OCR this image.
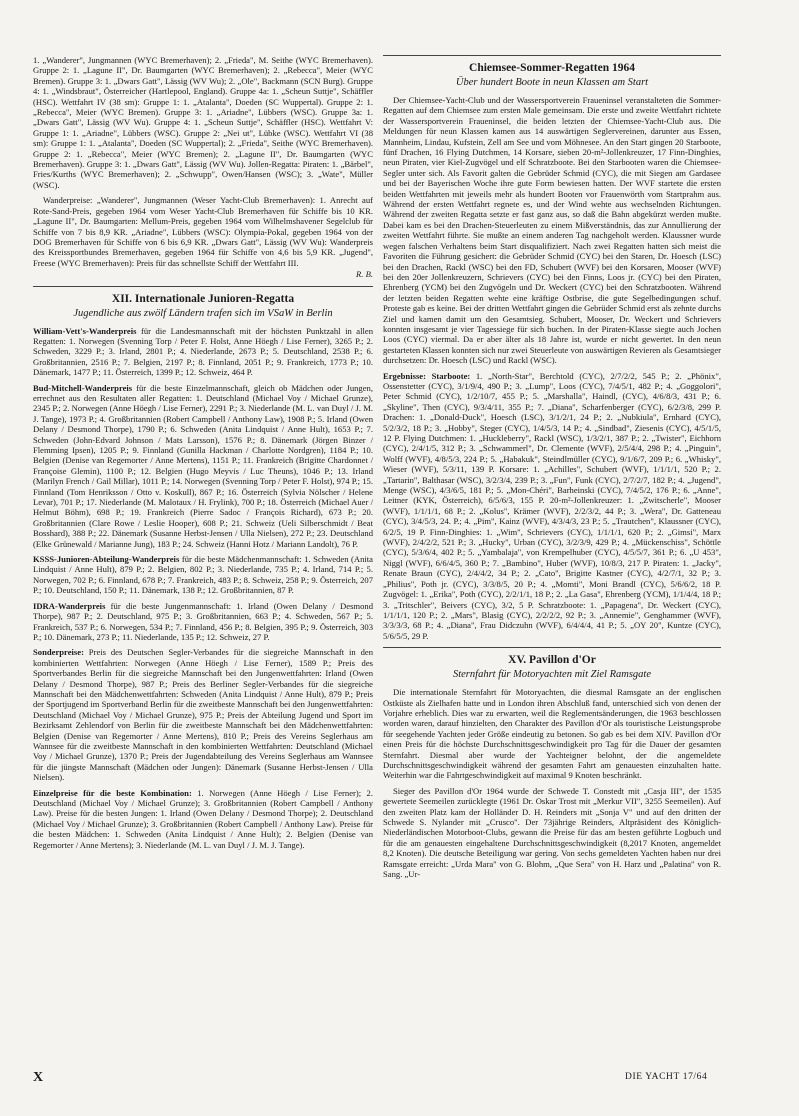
1. „Wanderer", Jungmannen (WYC Bremerhaven); 2. „Frieda", M. Seithe (WYC Bremerhaven). Gruppe 2: 1. „Lagune II", Dr. Baumgarten (WYC Bremerhaven); 2. „Rebecca", Meier (WYC Bremen). Gruppe 3: 1. „Dwars Gatt", Lässig (WV Wu); 2. „Ole", Backmann (SCN Burg). Gruppe 4: 1. „Windsbraut", Österreicher (Hartlepool, England). Gruppe 4a: 1. „Scheun Suttje", Schäffler (HSC). Wettfahrt IV (38 sm): Gruppe 1: 1. „Atalanta", Doeden (SC Wuppertal). Gruppe 2: 1. „Rebecca", Meier (WYC Bremen). Gruppe 3: 1. „Ariadne", Lübbers (WSC). Gruppe 3a: 1. „Dwars Gatt", Lässig (WV Wu). Gruppe 4: 1. „Scheun Suttje", Schäffler (HSC). Wettfahrt V: Gruppe 1: 1. „Ariadne", Lübbers (WSC). Gruppe 2: „Nei ut", Lübke (WSC). Wettfahrt VI (38 sm): Gruppe 1: 1. „Atalanta", Doeden (SC Wuppertal); 2. „Frieda", Seithe (WYC Bremerhaven). Gruppe 2: 1. „Rebecca", Meier (WYC Bremen); 2. „Lagune II", Dr. Baumgarten (WYC Bremerhaven). Gruppe 3: 1. „Dwars Gatt", Lässig (WV Wu). Jollen-Regatta: Piraten: 1. „Bärbel", Fries/Kurths (WYC Bremerhaven); 2. „Schwupp", Owen/Hansen (WSC); 3. „Wate", Müller (WSC).

Wanderpreise: „Wanderer", Jungmannen (Weser Yacht-Club Bremerhaven): 1. Anrecht auf Rote-Sand-Preis, gegeben 1964 vom Weser Yacht-Club Bremerhaven für Schiffe bis 10 KR. „Lagune II", Dr. Baumgarten: Mellum-Preis, gegeben 1964 vom Wilhelmshavener Segelclub für Schiffe von 7 bis 8,9 KR. „Ariadne", Lübbers (WSC): Olympia-Pokal, gegeben 1964 von der DOG Bremerhaven für Schiffe von 6 bis 6,9 KR. „Dwars Gatt", Lässig (WV Wu): Wanderpreis des Kreissportbundes Bremerhaven, gegeben 1964 für Schiffe von 4,6 bis 5,9 KR. „Jugend", Freese (WYC Bremerhaven): Preis für das schnellste Schiff der Wettfahrt III.

R. B.
XII. Internationale Junioren-Regatta
Jugendliche aus zwölf Ländern trafen sich im VSaW in Berlin

William-Vett's-Wanderpreis für die Landesmannschaft mit der höchsten Punktzahl in allen Regatten: 1. Norwegen (Svenning Torp / Peter F. Holst, Anne Höegh / Lise Ferner), 3265 P.; 2. Schweden, 3229 P.; 3. Irland, 2801 P.; 4. Niederlande, 2673 P.; 5. Deutschland, 2538 P.; 6. Großbritannien, 2516 P.; 7. Belgien, 2197 P.; 8. Finnland, 2051 P.; 9. Frankreich, 1773 P.; 10. Dänemark, 1477 P.; 11. Österreich, 1399 P.; 12. Schweiz, 464 P.

Bud-Mitchell-Wanderpreis für die beste Einzelmannschaft, gleich ob Mädchen oder Jungen, errechnet aus den Resultaten aller Regatten: 1. Deutschland (Michael Voy / Michael Grunze), 2345 P.; 2. Norwegen (Anne Höegh / Lise Ferner), 2291 P.; 3. Niederlande (M. L. van Duyl / J. M. J. Tange), 1973 P.; 4. Großbritannien (Robert Campbell / Anthony Law), 1908 P.; 5. Irland (Owen Delany / Desmond Thorpe), 1790 P.; 6. Schweden (Anita Lindquist / Anne Hult), 1653 P.; 7. Schweden (John-Edvard Johnson / Mats Larsson), 1576 P.; 8. Dänemark (Jörgen Binzer / Flemming Ipsen), 1205 P.; 9. Finnland (Gunilla Hackman / Charlotte Nordgren), 1184 P.; 10. Belgien (Denise van Regemorter / Anne Mertens), 1151 P.; 11. Frankreich (Brigitte Chardonnet / Françoise Glemin), 1100 P.; 12. Belgien (Hugo Meyvis / Luc Theuns), 1046 P.; 13. Irland (Marilyn French / Gail Millar), 1011 P.; 14. Norwegen (Svenning Torp / Peter F. Holst), 974 P.; 15. Finnland (Tom Henriksson / Otto v. Koskull), 867 P.; 16. Österreich (Sylvia Nölscher / Helene Levar), 701 P.; 17. Niederlande (M. Malotaux / H. Frylink), 700 P.; 18. Österreich (Michael Auer / Helmut Böhm), 698 P.; 19. Frankreich (Pierre Sadoc / François Richard), 673 P.; 20. Großbritannien (Clare Rowe / Leslie Hooper), 608 P.; 21. Schweiz (Ueli Silberschmidt / Beat Bosshard), 388 P.; 22. Dänemark (Susanne Herbst-Jensen / Ulla Nielsen), 272 P.; 23. Deutschland (Elke Grünewald / Marianne Jung), 183 P.; 24. Schweiz (Hanni Hotz / Mariann Landolt), 76 P.

KSSS-Junioren-Abteilung-Wanderpreis für die beste Mädchenmannschaft: 1. Schweden (Anita Lindquist / Anne Hult), 879 P.; 2. Belgien, 802 P.; 3. Niederlande, 735 P.; 4. Irland, 714 P.; 5. Norwegen, 702 P.; 6. Finnland, 678 P.; 7. Frankreich, 483 P.; 8. Schweiz, 258 P.; 9. Österreich, 207 P.; 10. Deutschland, 150 P.; 11. Dänemark, 138 P.; 12. Großbritannien, 87 P.

IDRA-Wanderpreis für die beste Jungenmannschaft: 1. Irland (Owen Delany / Desmond Thorpe), 987 P.; 2. Deutschland, 975 P.; 3. Großbritannien, 663 P.; 4. Schweden, 567 P.; 5. Frankreich, 537 P.; 6. Norwegen, 534 P.; 7. Finnland, 456 P.; 8. Belgien, 395 P.; 9. Österreich, 303 P.; 10. Dänemark, 273 P.; 11. Niederlande, 135 P.; 12. Schweiz, 27 P.

Sonderpreise: Preis des Deutschen Segler-Verbandes für die siegreiche Mannschaft in den kombinierten Wettfahrten: Norwegen (Anne Höegh / Lise Ferner), 1589 P.; Preis des Sportverbandes Berlin für die siegreiche Mannschaft bei den Jungenwettfahrten: Irland (Owen Delany / Desmond Thorpe), 987 P.; Preis des Berliner Segler-Verbandes für die siegreiche Mannschaft bei den Mädchenwettfahrten: Schweden (Anita Lindquist / Anne Hult), 879 P.; Preis der Sportjugend im Sportverband Berlin für die zweitbeste Mannschaft bei den Jungenwettfahrten: Deutschland (Michael Voy / Michael Grunze), 975 P.; Preis der Abteilung Jugend und Sport im Bezirksamt Zehlendorf von Berlin für die zweitbeste Mannschaft bei den Mädchenwettfahrten: Belgien (Denise van Regemorter / Anne Mertens), 810 P.; Preis des Vereins Seglerhaus am Wannsee für die zweitbeste Mannschaft in den kombinierten Wettfahrten: Deutschland (Michael Voy / Michael Grunze), 1370 P.; Preis der Jugendabteilung des Vereins Seglerhaus am Wannsee für die jüngste Mannschaft (Mädchen oder Jungen): Dänemark (Susanne Herbst-Jensen / Ulla Nielsen).

Einzelpreise für die beste Kombination: 1. Norwegen (Anne Höegh / Lise Ferner); 2. Deutschland (Michael Voy / Michael Grunze); 3. Großbritannien (Robert Campbell / Anthony Law). Preise für die besten Jungen: 1. Irland (Owen Delany / Desmond Thorpe); 2. Deutschland (Michael Voy / Michael Grunze); 3. Großbritannien (Robert Campbell / Anthony Law). Preise für die besten Mädchen: 1. Schweden (Anita Lindquist / Anne Hult); 2. Belgien (Denise van Regemorter / Anne Mertens); 3. Niederlande (M. L. van Duyl / J. M. J. Tange).

Chiemsee-Sommer-Regatten 1964
Über hundert Boote in neun Klassen am Start

Der Chiemsee-Yacht-Club und der Wassersportverein Fraueninsel veranstalteten die Sommer-Regatten auf dem Chiemsee zum ersten Male gemeinsam. Die erste und zweite Wettfahrt richtete der Wassersportverein Fraueninsel, die beiden letzten der Chiemsee-Yacht-Club aus. Die Meldungen für neun Klassen kamen aus 14 auswärtigen Seglervereinen, darunter aus Essen, Mannheim, Lindau, Kufstein, Zell am See und vom Möhnesee. An den Start gingen 20 Starboote, fünf Drachen, 16 Flying Dutchmen, 14 Korsare, sieben 20-m²-Jollenkreuzer, 17 Finn-Dinghies, neun Piraten, vier Kiel-Zugvögel und elf Schratzboote. Bei den Starbooten waren die Chiemsee-Segler unter sich. Als Favorit galten die Gebrüder Schmid (CYC), die mit Siegen am Gardasee und bei der Bayerischen Woche ihre gute Form bewiesen hatten. Der WVF startete die ersten beiden Wettfahrten mit jeweils mehr als hundert Booten vor Frauenwörth vom Startprahm aus. Während der ersten Wettfahrt regnete es, und der Wind wehte aus wechselnden Richtungen. Während der zweiten Regatta setzte er fast ganz aus, so daß die Bahn abgekürzt werden mußte. Dabei kam es bei den Drachen-Steuerleuten zu einem Mißverständnis, das zur Annullierung der zweiten Wettfahrt führte. Sie mußte an einem anderen Tag nachgeholt werden. Klaussner wurde wegen falschen Verhaltens beim Start disqualifiziert. Nach zwei Regatten hatten sich meist die Favoriten die Führung gesichert: die Gebrüder Schmid (CYC) bei den Staren, Dr. Hoesch (LSC) bei den Drachen, Rackl (WSC) bei den FD, Schubert (WVF) bei den Korsaren, Mooser (WVF) bei den 20er Jollenkreuzern, Schrievers (CYC) bei den Finns, Loos jr. (CYC) bei den Piraten, Ehrenberg (YCM) bei den Zugvögeln und Dr. Weckert (CYC) bei den Schratzbooten. Während der letzten beiden Regatten wehte eine kräftige Ostbrise, die gute Segelbedingungen schuf. Proteste gab es keine. Bei der dritten Wettfahrt gingen die Gebrüder Schmid erst als zehnte durchs Ziel und kamen damit um den Gesamtsieg. Schubert, Mooser, Dr. Weckert und Schrievers konnten insgesamt je vier Tagessiege für sich buchen. In der Piraten-Klasse siegte auch Jochen Loos (CYC) viermal. Da er aber älter als 18 Jahre ist, wurde er nicht gewertet. In den neun gestarteten Klassen konnten sich nur zwei Steuerleute von auswärtigen Revieren als Gesamtsieger durchsetzen: Dr. Hoesch (LSC) und Rackl (WSC).

Ergebnisse: Starboote: 1. „North-Star", Berchtold (CYC), 2/7/2/2, 545 P.; 2. „Phönix", Ossenstetter (CYC), 3/1/9/4, 490 P.; 3. „Lump", Loos (CYC), 7/4/5/1, 482 P.; 4. „Goggolori", Peter Schmid (CYC), 1/2/10/7, 455 P.; 5. „Marshalla", Haindl, (CYC), 4/6/8/3, 431 P.; 6. „Skyline", Then (CYC), 9/3/4/11, 355 P.; 7. „Diana", Scharfenberger (CYC), 6/2/3/8, 299 P. Drachen: 1. „Donald-Duck", Hoesch (LSC), 3/1/2/1, 24 P.; 2. „Nubkiula", Ernhard (CYC), 5/2/3/2, 18 P.; 3. „Hobby", Steger (CYC), 1/4/5/3, 14 P.; 4. „Sindbad", Ziesenis (CYC), 4/5/1/5, 12 P. Flying Dutchmen: 1. „Huckleberry", Rackl (WSC), 1/3/2/1, 387 P.; 2. „Twister", Eichhorn (CYC), 2/4/1/5, 312 P.; 3. „Schwammerl", Dr. Clemente (WVF), 2/5/4/4, 298 P.; 4. „Pinguin", Wolff (WVF), 4/8/5/3, 224 P.; 5. „Habakuk", Steindlmüller (CYC), 9/1/6/7, 209 P.; 6. „Whisky", Wieser (WVF), 5/3/11, 139 P. Korsare: 1. „Achilles", Schubert (WVF), 1/1/1/1, 520 P.; 2. „Tartarin", Balthasar (WSC), 3/2/3/4, 239 P.; 3. „Fun", Funk (CYC), 2/7/2/7, 182 P.; 4. „Jugend", Menge (WSC), 4/3/6/5, 181 P.; 5. „Mon-Chéri", Barheinski (CYC), 7/4/5/2, 176 P.; 6. „Anne", Leitner (KYK, Österreich), 6/5/6/3, 155 P. 20-m²-Jollenkreuzer: 1. „Zwitscherle", Mooser (WVF), 1/1/1/1, 68 P.; 2. „Kolus", Krämer (WVF), 2/2/3/2, 44 P.; 3. „Wera", Dr. Gatteneau (CYC), 3/4/5/3, 24. P.; 4. „Pim", Kainz (WVF), 4/3/4/3, 23 P.; 5. „Trautchen", Klaussner (CYC), 6/2/5, 19 P. Finn-Dinghies: 1. „Wim", Schrievers (CYC), 1/1/1/1, 620 P.; 2. „Gimsi", Marx (WVF), 2/4/2/2, 521 P.; 3. „Hucky", Urban (CYC), 3/2/3/9, 429 P.; 4. „Mückenschiss", Schöttle (CYC), 5/3/6/4, 402 P.; 5. „Yambalaja", von Krempelhuber (CYC), 4/5/5/7, 361 P.; 6. „U 453", Niggl (WVF), 6/6/4/5, 360 P.; 7. „Bambino", Huber (WVF), 10/8/3, 217 P. Piraten: 1. „Jacky", Renate Braun (CYC), 2/4/4/2, 34 P.; 2. „Cato", Brigitte Kastner (CYC), 4/2/7/1, 32 P.; 3. „Philius", Poth jr. (CYC), 3/3/8/5, 20 P.; 4. „Momti", Moni Brandl (CYC), 5/6/6/2, 18 P. Zugvögel: 1. „Erika", Poth (CYC), 2/2/1/1, 18 P.; 2. „La Gasa", Ehrenberg (YCM), 1/1/4/4, 18 P.; 3. „Tritschler", Beivers (CYC), 3/2, 5 P. Schratzboote: 1. „Papagena", Dr. Weckert (CYC), 1/1/1/1, 120 P.; 2. „Mars", Blasig (CYC), 2/2/2/2, 92 P.; 3. „Annemie", Genghammer (WVF), 3/3/3/3, 68 P.; 4. „Diana", Frau Didczuhn (WVF), 6/4/4/4, 41 P.; 5. „OY 20", Kuntze (CYC), 5/6/5/5, 29 P.

XV. Pavillon d'Or
Sternfahrt für Motoryachten mit Ziel Ramsgate

Die internationale Sternfahrt für Motoryachten, die diesmal Ramsgate an der englischen Ostküste als Zielhafen hatte und in London ihren Abschluß fand, unterschied sich von denen der Vorjahre erheblich. Dies war zu erwarten, weil die Reglementsänderungen, die 1963 beschlossen worden waren, darauf hinzielten, den Charakter des Pavillon d'Or als touristische Leistungsprobe für seegehende Yachten jeder Größe eindeutig zu betonen. So gab es bei dem XIV. Pavillon d'Or einen Preis für die höchste Durchschnittsgeschwindigkeit pro Tag für die Dauer der gesamten Sternfahrt. Diesmal aber wurde der Yachteigner belohnt, der die angemeldete Durchschnittsgeschwindigkeit während der gesamten Fahrt am genauesten einzuhalten hatte. Weiterhin war die Fahrtgeschwindigkeit auf maximal 9 Knoten beschränkt.

Sieger des Pavillon d'Or 1964 wurde der Schwede T. Constedt mit „Casja III", der 1535 gewertete Seemeilen zurücklegte (1961 Dr. Oskar Trost mit „Merkur VII", 3255 Seemeilen). Auf den zweiten Platz kam der Holländer D. H. Reinders mit „Sonja V" und auf den dritten der Schwede S. Nylander mit „Crusco". Der 73jährige Reinders, Altpräsident des Königlich-Niederländischen Motorboot-Clubs, gewann die Preise für das am besten geführte Logbuch und für die am genauesten eingehaltene Durchschnittsgeschwindigkeit (8,2017 Knoten, angemeldet 8,2 Knoten). Die deutsche Beteiligung war gering. Von sechs gemeldeten Yachten haben nur drei Ramsgate erreicht: „Urda Mara" von G. Blohm, „Que Sera" von H. Harz und „Palatina" von R. Sang. „Ur-

X	DIE YACHT 17/64
